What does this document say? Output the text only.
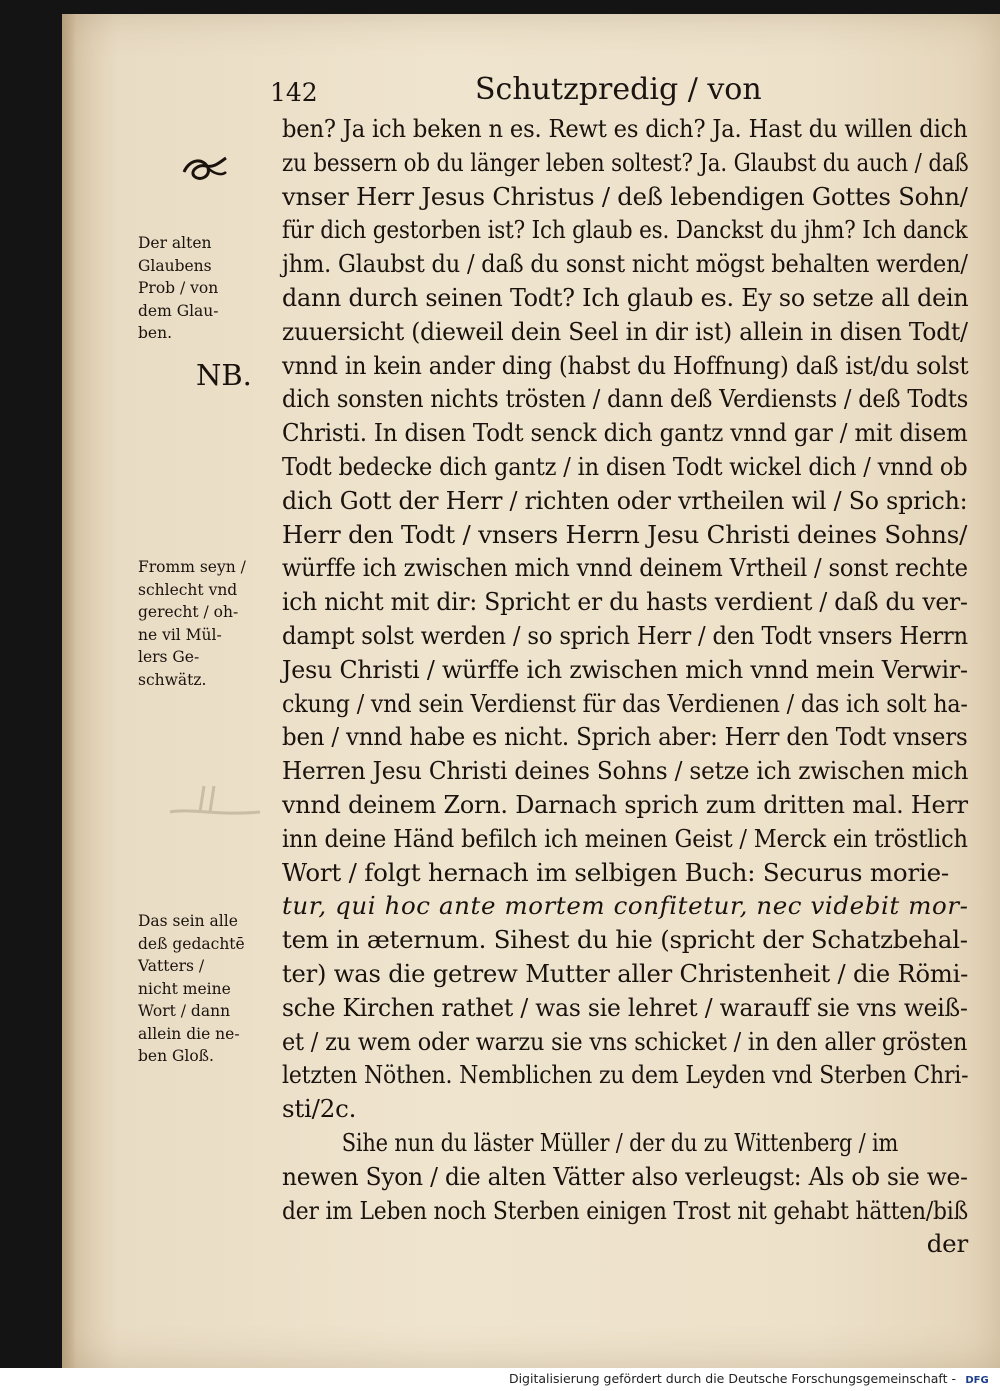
142	Schutzpredig / von
Der alten
Glaubens
Prob / von
dem Glau-
ben.
NB.
Fromm seyn /
schlecht vnd
gerecht / oh-
ne vil Mül-
lers Ge-
schwätz.
Das sein alle
deß gedachtē
Vatters /
nicht meine
Wort / dann
allein die ne-
ben Gloß.
ben? Ja ich beken n es. Rewt es dich? Ja. Hast du willen dich
zu bessern ob du länger leben soltest? Ja. Glaubst du auch / daß
vnser Herr Jesus Christus / deß lebendigen Gottes Sohn/
für dich gestorben ist? Ich glaub es. Danckst du jhm? Ich danck
jhm. Glaubst du / daß du sonst nicht mögst behalten werden/
dann durch seinen Todt? Ich glaub es. Ey so setze all dein
zuuersicht (dieweil dein Seel in dir ist) allein in disen Todt/
vnnd in kein ander ding (habst du Hoffnung) daß ist/du solst
dich sonsten nichts trösten / dann deß Verdiensts / deß Todts
Christi. In disen Todt senck dich gantz vnnd gar / mit disem
Todt bedecke dich gantz / in disen Todt wickel dich / vnnd ob
dich Gott der Herr / richten oder vrtheilen wil / So sprich:
Herr den Todt / vnsers Herrn Jesu Christi deines Sohns/
würffe ich zwischen mich vnnd deinem Vrtheil / sonst rechte
ich nicht mit dir: Spricht er du hasts verdient / daß du ver-
dampt solst werden / so sprich Herr / den Todt vnsers Herrn
Jesu Christi / würffe ich zwischen mich vnnd mein Verwir-
ckung / vnd sein Verdienst für das Verdienen / das ich solt ha-
ben / vnnd habe es nicht. Sprich aber: Herr den Todt vnsers
Herren Jesu Christi deines Sohns / setze ich zwischen mich
vnnd deinem Zorn. Darnach sprich zum dritten mal. Herr
inn deine Händ befilch ich meinen Geist / Merck ein tröstlich
Wort / folgt hernach im selbigen Buch: Securus morie-
tur, qui hoc ante mortem confitetur, nec videbit mor-
tem in æternum. Sihest du hie (spricht der Schatzbehal-
ter) was die getrew Mutter aller Christenheit / die Römi-
sche Kirchen rathet / was sie lehret / warauff sie vns weiß-
et / zu wem oder warzu sie vns schicket / in den aller grösten
letzten Nöthen. Nemblichen zu dem Leyden vnd Sterben Chri-
sti/2c.
Sihe nun du läster Müller / der du zu Wittenberg / im
newen Syon / die alten Vätter also verleugst: Als ob sie we-
der im Leben noch Sterben einigen Trost nit gehabt hätten/biß
der
Digitalisierung gefördert durch die Deutsche Forschungsgemeinschaft - DFG
